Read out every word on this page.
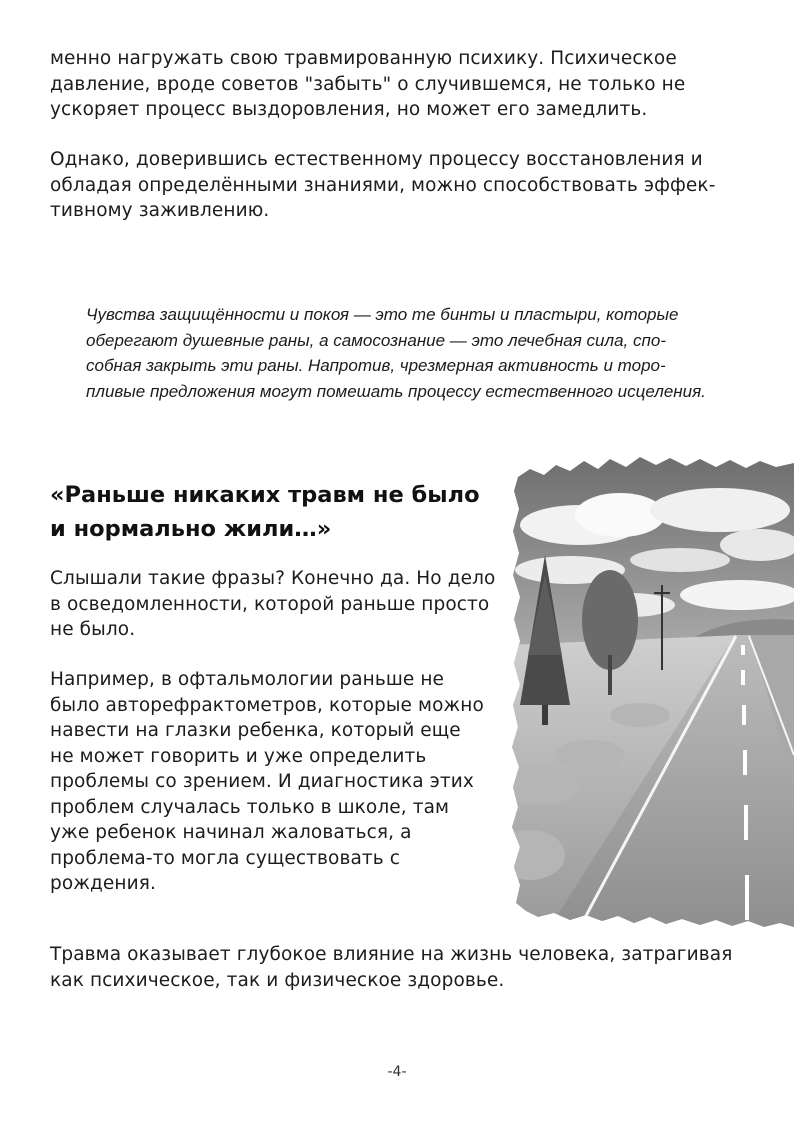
менно нагружать свою травмированную психику. Психическое давление, вроде советов "забыть" о случившемся, не только не ускоряет процесс выздоровления, но может его замедлить.

Однако, доверившись естественному процессу восстановления и обладая определёнными знаниями, можно способствовать эффективному заживлению.

Чувства защищённости и покоя — это те бинты и пластыри, которые оберегают душевные раны, а самосознание — это лечебная сила, способная закрыть эти раны. Напротив, чрезмерная активность и торопливые предложения могут помешать процессу естественного исцеления.

«Раньше никаких травм не было и нормально жили…»

Слышали такие фразы? Конечно да. Но дело в осведомленности, которой раньше просто не было.

Например, в офтальмологии раньше не было авторефрактометров, которые можно навести на глазки ребенка, который еще не может говорить и уже определить проблемы со зрением. И диагностика этих проблем случалась только в школе, там уже ребенок начинал жаловаться, а проблема-то могла существовать с рождения.

Травма оказывает глубокое влияние на жизнь человека, затрагивая как психическое, так и физическое здоровье.

-4-
